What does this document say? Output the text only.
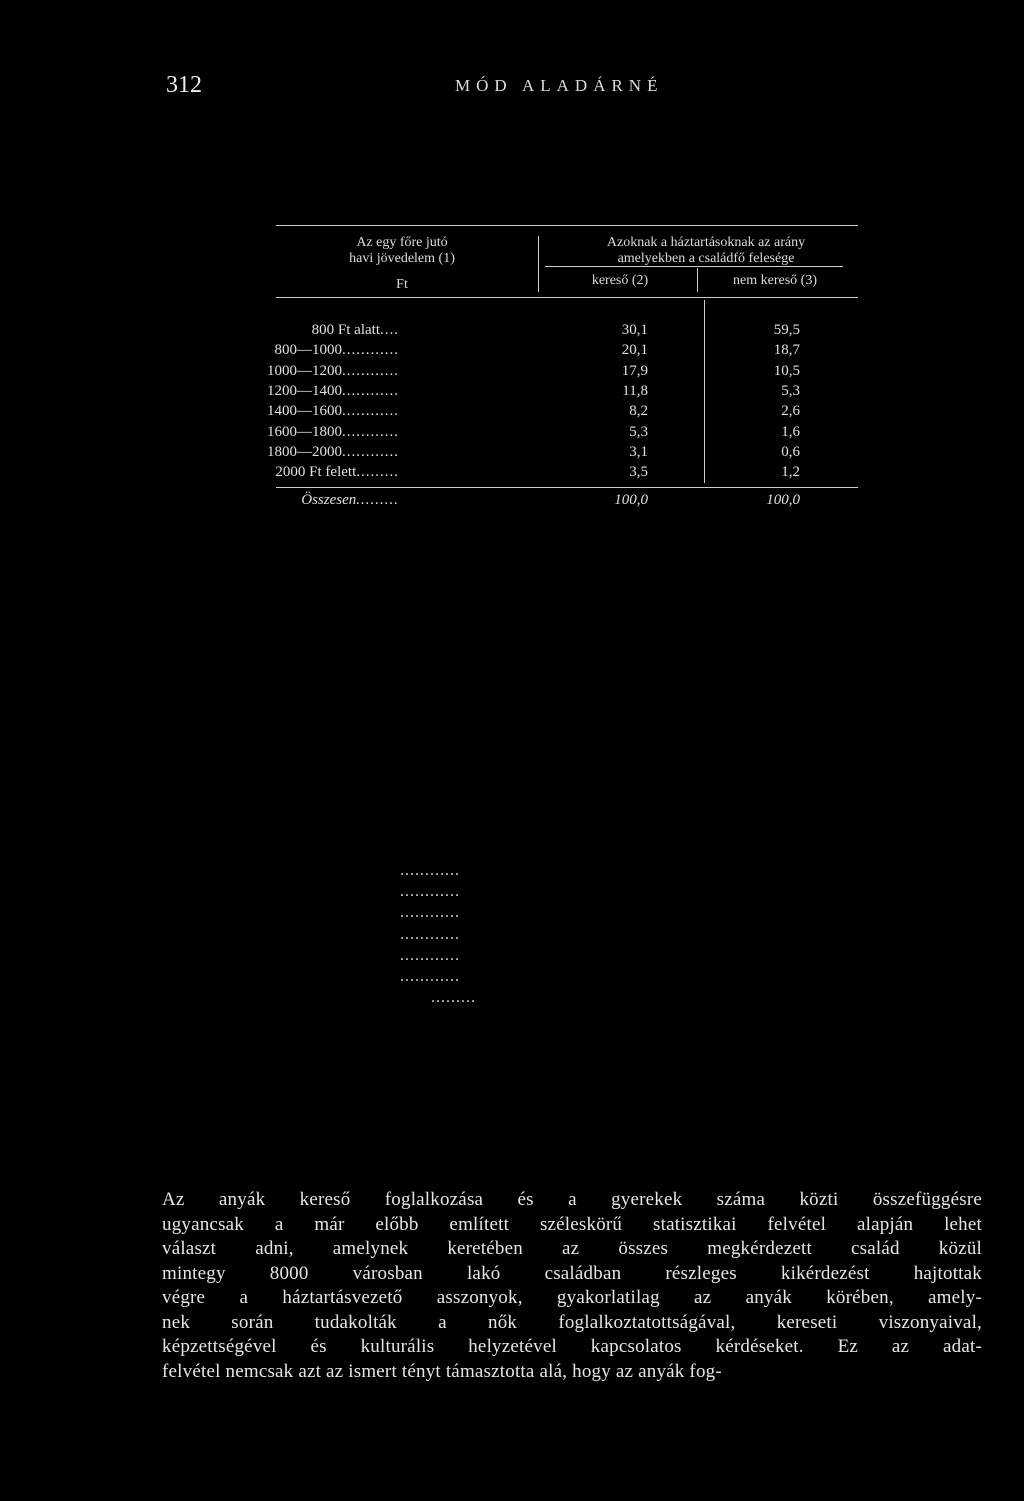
312	MÓD ALADÁRNÉ
Az egy főre jutó
havi jövedelem (1)
Ft
Azoknak a háztartásoknak az arány
amelyekben a családfő felesége
kereső (2)	nem kereső (3)
800 Ft alatt....	30,1	59,5
800—1000............	20,1	18,7
1000—1200............	17,9	10,5
1200—1400............	11,8	5,3
1400—1600............	8,2	2,6
1600—1800............	5,3	1,6
1800—2000............	3,1	0,6
2000 Ft felett.........	3,5	1,2
Összesen.........	100,0	100,0
............
............
............
............
............
............
.........
Az anyák kereső foglalkozása és a gyerekek száma közti összefüggésre
ugyancsak a már előbb említett széleskörű statisztikai felvétel alapján lehet
választ adni, amelynek keretében az összes megkérdezett család közül
mintegy 8000 városban lakó családban részleges kikérdezést hajtottak
végre a háztartásvezető asszonyok, gyakorlatilag az anyák körében, amely-
nek során tudakolták a nők foglalkoztatottságával, kereseti viszonyaival,
képzettségével és kulturális helyzetével kapcsolatos kérdéseket. Ez az adat-
felvétel nemcsak azt az ismert tényt támasztotta alá, hogy az anyák fog-
